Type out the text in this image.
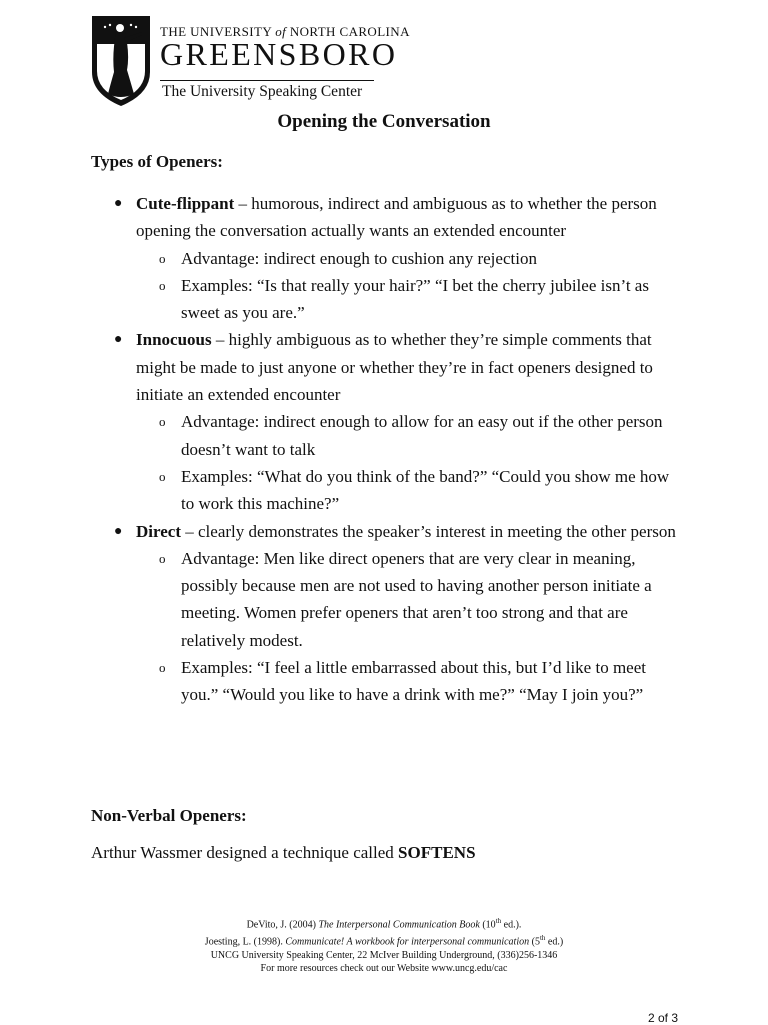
THE UNIVERSITY of NORTH CAROLINA
GREENSBORO
The University Speaking Center
Opening the Conversation
Types of Openers:
● Cute-flippant – humorous, indirect and ambiguous as to whether the person opening the conversation actually wants an extended encounter
o Advantage: indirect enough to cushion any rejection
o Examples: “Is that really your hair?” “I bet the cherry jubilee isn’t as sweet as you are.”
● Innocuous – highly ambiguous as to whether they’re simple comments that might be made to just anyone or whether they’re in fact openers designed to initiate an extended encounter
o Advantage: indirect enough to allow for an easy out if the other person doesn’t want to talk
o Examples: “What do you think of the band?” “Could you show me how to work this machine?”
● Direct – clearly demonstrates the speaker’s interest in meeting the other person
o Advantage: Men like direct openers that are very clear in meaning, possibly because men are not used to having another person initiate a meeting. Women prefer openers that aren’t too strong and that are relatively modest.
o Examples: “I feel a little embarrassed about this, but I’d like to meet you.” “Would you like to have a drink with me?” “May I join you?”
Non-Verbal Openers:
Arthur Wassmer designed a technique called SOFTENS
DeVito, J. (2004) The Interpersonal Communication Book (10th ed.).
Joesting, L. (1998). Communicate! A workbook for interpersonal communication (5th ed.)
UNCG University Speaking Center, 22 McIver Building Underground, (336)256-1346
For more resources check out our Website www.uncg.edu/cac
2 of 3
